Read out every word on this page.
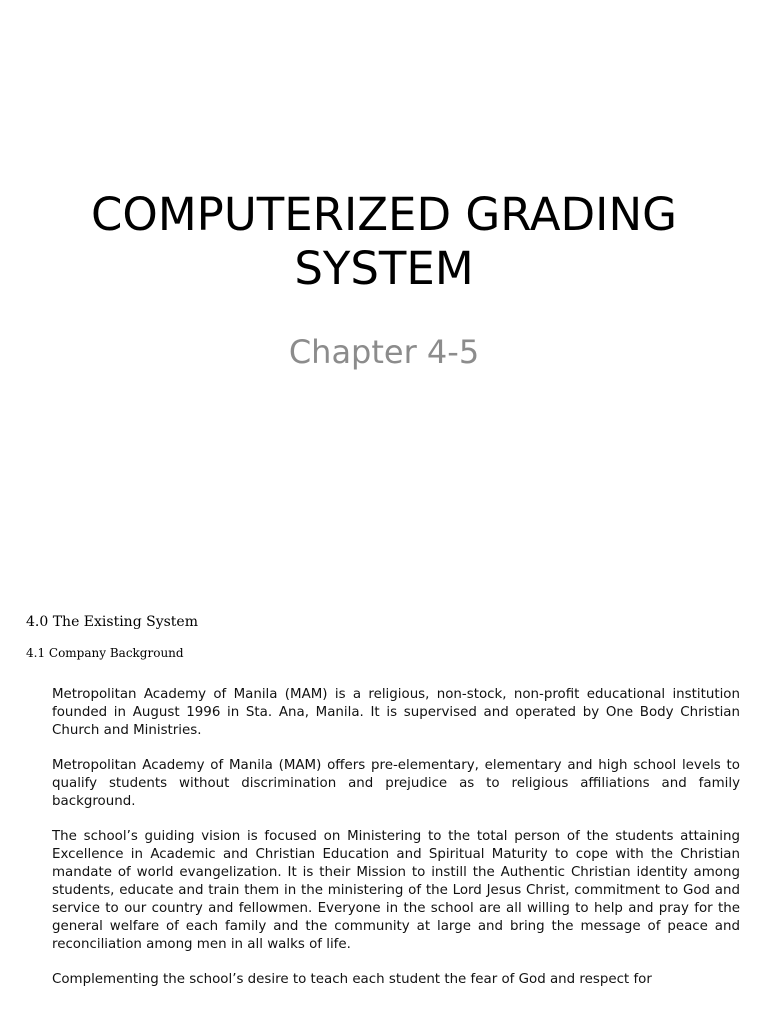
COMPUTERIZED GRADING SYSTEM
Chapter 4-5
4.0 The Existing System
4.1 Company Background

Metropolitan Academy of Manila (MAM) is a religious, non-stock, non-profit educational institution founded in August 1996 in Sta. Ana, Manila. It is supervised and operated by One Body Christian Church and Ministries.

Metropolitan Academy of Manila (MAM) offers pre-elementary, elementary and high school levels to qualify students without discrimination and prejudice as to religious affiliations and family background.

The school’s guiding vision is focused on Ministering to the total person of the students attaining Excellence in Academic and Christian Education and Spiritual Maturity to cope with the Christian mandate of world evangelization. It is their Mission to instill the Authentic Christian identity among students, educate and train them in the ministering of the Lord Jesus Christ, commitment to God and service to our country and fellowmen. Everyone in the school are all willing to help and pray for the general welfare of each family and the community at large and bring the message of peace and reconciliation among men in all walks of life.

Complementing the school’s desire to teach each student the fear of God and respect for
